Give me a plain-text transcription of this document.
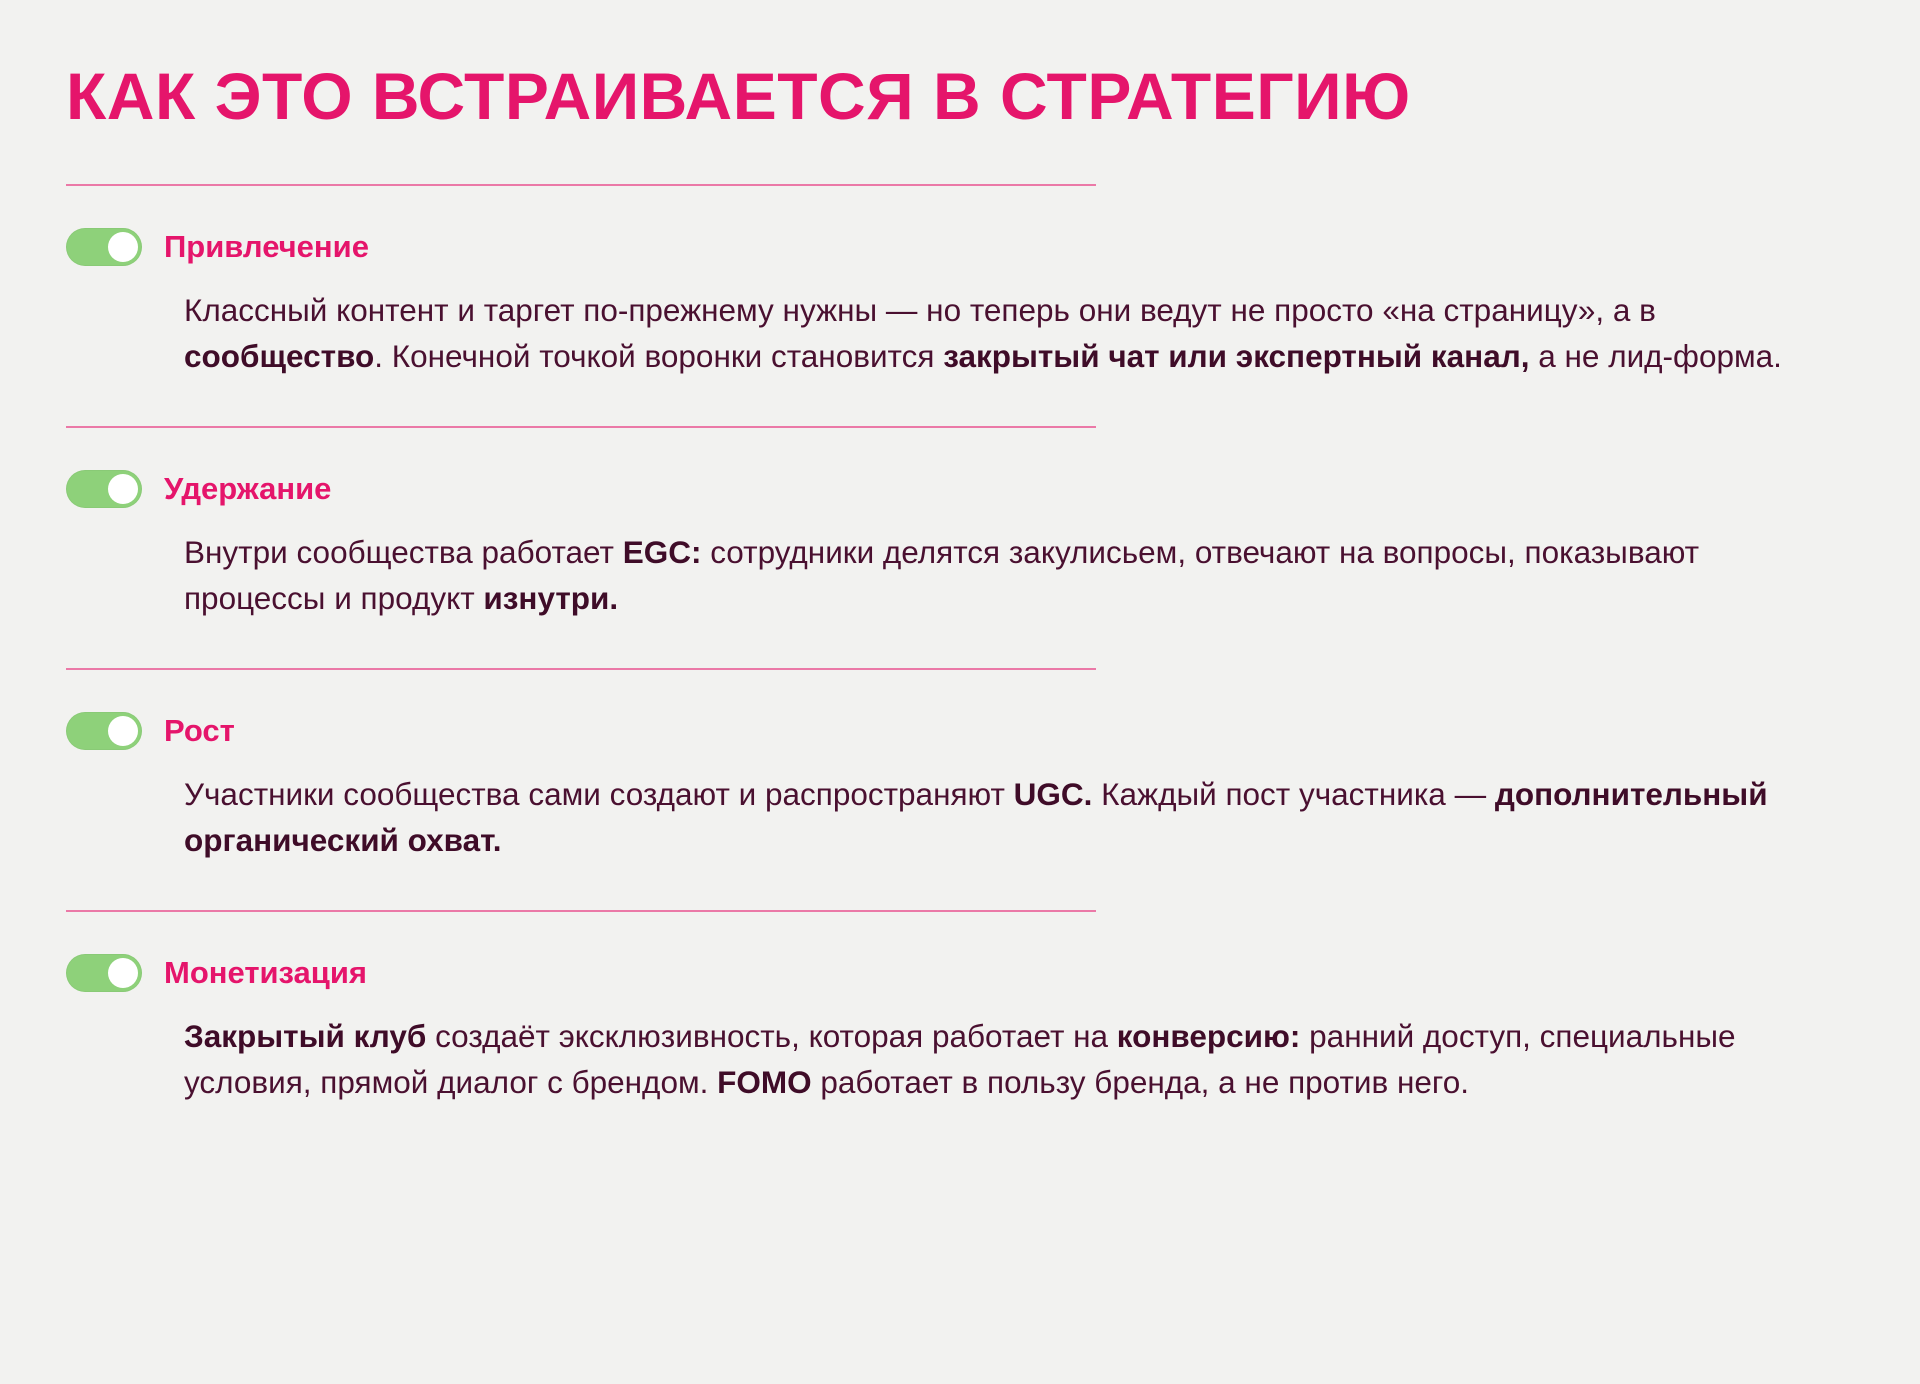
КАК ЭТО ВСТРАИВАЕТСЯ В СТРАТЕГИЮ
Привлечение
Классный контент и таргет по-прежнему нужны — но теперь они ведут не просто «на страницу», а в сообщество. Конечной точкой воронки становится закрытый чат или экспертный канал, а не лид-форма.
Удержание
Внутри сообщества работает EGC: сотрудники делятся закулисьем, отвечают на вопросы, показывают процессы и продукт изнутри.
Рост
Участники сообщества сами создают и распространяют UGC. Каждый пост участника — дополнительный органический охват.
Монетизация
Закрытый клуб создаёт эксклюзивность, которая работает на конверсию: ранний доступ, специальные условия, прямой диалог с брендом. FOMO работает в пользу бренда, а не против него.
